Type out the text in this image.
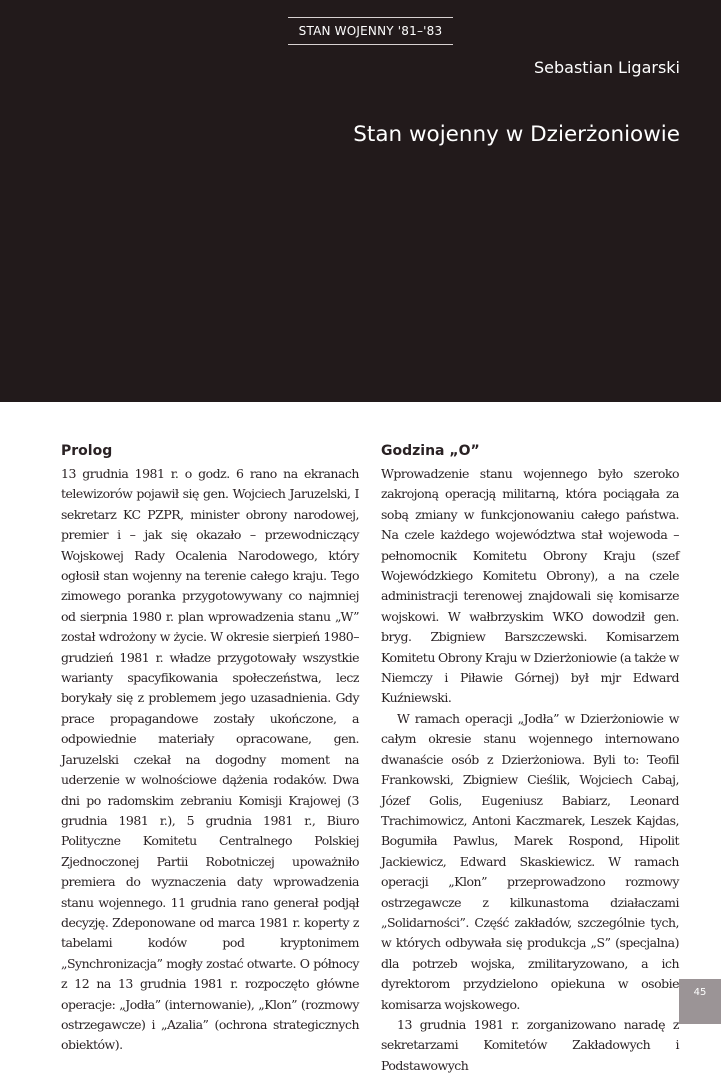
STAN WOJENNY '81–'83
Sebastian Ligarski
Stan wojenny w Dzierżoniowie
Prolog

13 grudnia 1981 r. o godz. 6 rano na ekranach telewizorów pojawił się gen. Wojciech Jaruzelski, I sekretarz KC PZPR, minister obrony narodowej, premier i – jak się okazało – przewodniczący Wojskowej Rady Ocalenia Narodowego, który ogłosił stan wojenny na terenie całego kraju. Tego zimowego poranka przygotowywany co najmniej od sierpnia 1980 r. plan wprowadzenia stanu „W” został wdrożony w życie. W okresie sierpień 1980–grudzień 1981 r. władze przygotowały wszystkie warianty spacyfikowania społeczeństwa, lecz borykały się z problemem jego uzasadnienia. Gdy prace propagandowe zostały ukończone, a odpowiednie materiały opracowane, gen. Jaruzelski czekał na dogodny moment na uderzenie w wolnościowe dążenia rodaków. Dwa dni po radomskim zebraniu Komisji Krajowej (3 grudnia 1981 r.), 5 grudnia 1981 r., Biuro Polityczne Komitetu Centralnego Polskiej Zjednoczonej Partii Robotniczej upoważniło premiera do wyznaczenia daty wprowadzenia stanu wojennego. 11 grudnia rano generał podjął decyzję. Zdeponowane od marca 1981 r. koperty z tabelami kodów pod kryptonimem „Synchronizacja” mogły zostać otwarte. O północy z 12 na 13 grudnia 1981 r. rozpoczęto główne operacje: „Jodła” (internowanie), „Klon” (rozmowy ostrzegawcze) i „Azalia” (ochrona strategicznych obiektów).

Godzina „O”

Wprowadzenie stanu wojennego było szeroko zakrojoną operacją militarną, która pociągała za sobą zmiany w funkcjonowaniu całego państwa. Na czele każdego województwa stał wojewoda – pełnomocnik Komitetu Obrony Kraju (szef Wojewódzkiego Komitetu Obrony), a na czele administracji terenowej znajdowali się komisarze wojskowi. W wałbrzyskim WKO dowodził gen. bryg. Zbigniew Barszczewski. Komisarzem Komitetu Obrony Kraju w Dzierżoniowie (a także w Niemczy i Piławie Górnej) był mjr Edward Kuźniewski.

W ramach operacji „Jodła” w Dzierżoniowie w całym okresie stanu wojennego internowano dwanaście osób z Dzierżoniowa. Byli to: Teofil Frankowski, Zbigniew Cieślik, Wojciech Cabaj, Józef Golis, Eugeniusz Babiarz, Leonard Trachimowicz, Antoni Kaczmarek, Leszek Kajdas, Bogumiła Pawlus, Marek Rospond, Hipolit Jackiewicz, Edward Skaskiewicz. W ramach operacji „Klon” przeprowadzono rozmowy ostrzegawcze z kilkunastoma działaczami „Solidarności”. Część zakładów, szczególnie tych, w których odbywała się produkcja „S” (specjalna) dla potrzeb wojska, zmilitaryzowano, a ich dyrektorom przydzielono opiekuna w osobie komisarza wojskowego.

13 grudnia 1981 r. zorganizowano naradę z sekretarzami Komitetów Zakładowych i Podstawowych

45
